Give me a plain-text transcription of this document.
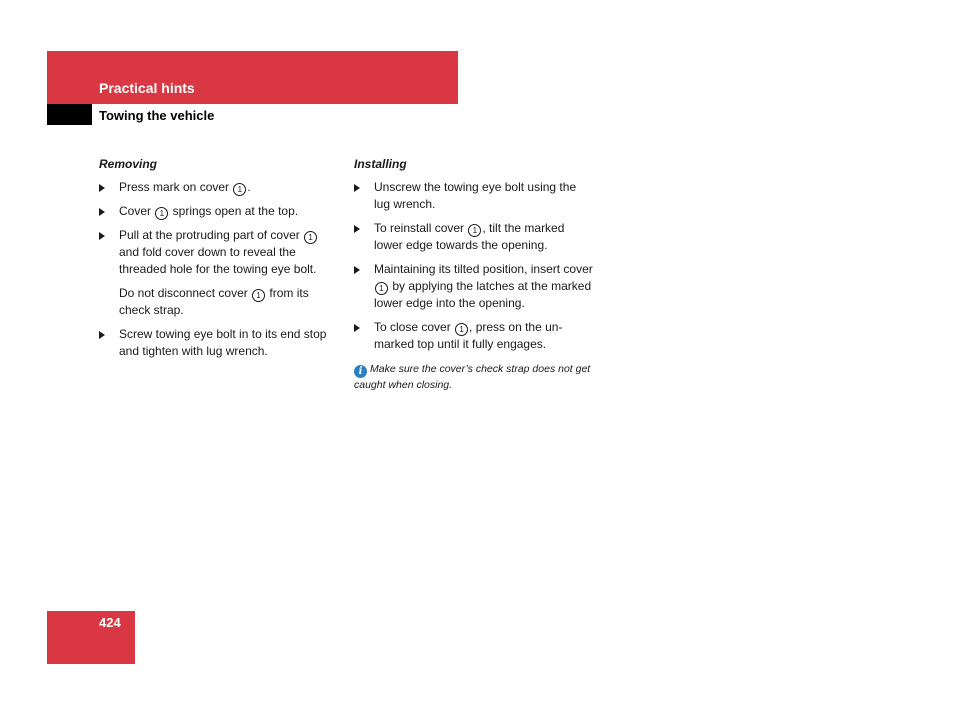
Practical hints
Towing the vehicle
Removing
Press mark on cover 1 .
Cover 1 springs open at the top.
Pull at the protruding part of cover 1 and fold cover down to reveal the threaded hole for the towing eye bolt.
Do not disconnect cover 1 from its check strap.
Screw towing eye bolt in to its end stop and tighten with lug wrench.
Installing
Unscrew the towing eye bolt using the lug wrench.
To reinstall cover 1 , tilt the marked lower edge towards the opening.
Maintaining its tilted position, insert cover 1 by applying the latches at the marked lower edge into the opening.
To close cover 1 , press on the un-marked top until it fully engages.
i Make sure the cover’s check strap does not get caught when closing.
424
